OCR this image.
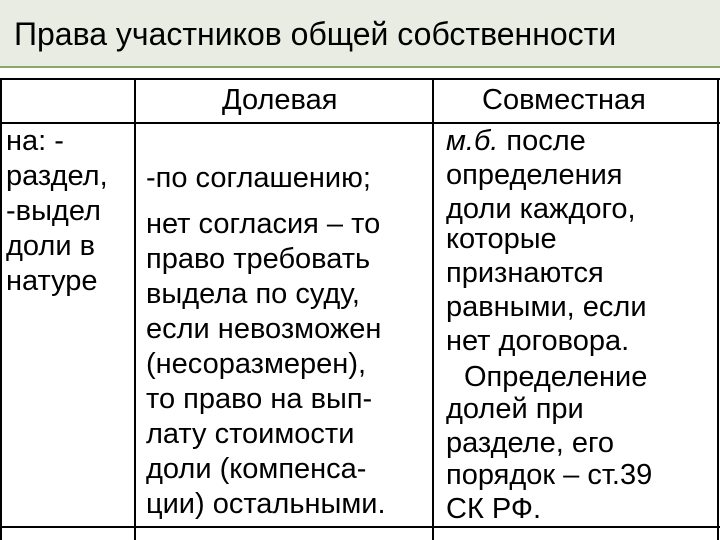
Права участников общей собственности
Долевая	Совместная
на: -
раздел,
-выдел
доли в
натуре
-по соглашению;
нет согласия – то
право требовать
выдела по суду,
если невозможен
(несоразмерен),
то право на вып-
лату стоимости
доли (компенса-
ции) остальными.
м.б. после
определения
доли каждого,
которые
признаются
равными, если
нет договора.
Определение
долей при
разделе, его
порядок – ст.39
СК РФ.
